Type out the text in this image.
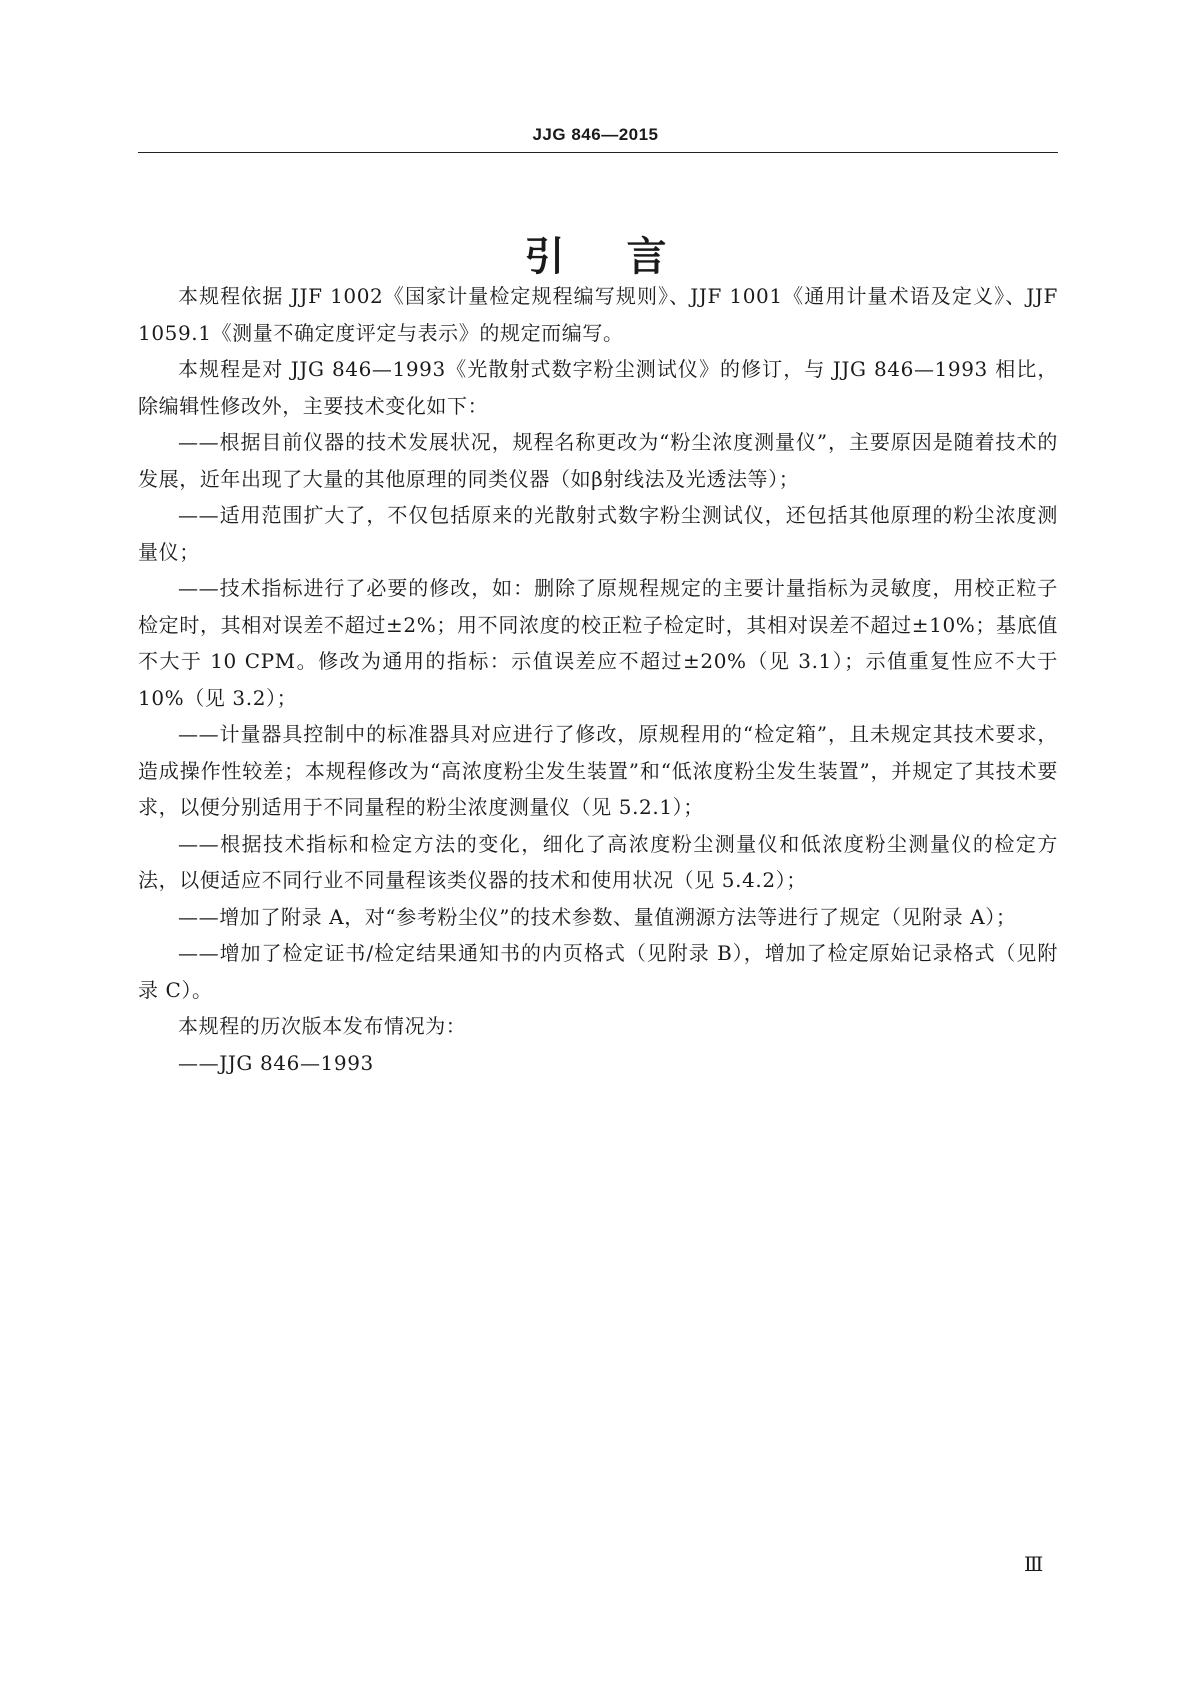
JJG 846—2015
引言

本规程依据 JJF 1002《国家计量检定规程编写规则》、JJF 1001《通用计量术语及定义》、JJF 1059.1《测量不确定度评定与表示》的规定而编写。

本规程是对 JJG 846—1993《光散射式数字粉尘测试仪》的修订，与 JJG 846—1993 相比，除编辑性修改外，主要技术变化如下：

——根据目前仪器的技术发展状况，规程名称更改为“粉尘浓度测量仪”，主要原因是随着技术的发展，近年出现了大量的其他原理的同类仪器（如β射线法及光透法等）；

——适用范围扩大了，不仅包括原来的光散射式数字粉尘测试仪，还包括其他原理的粉尘浓度测量仪；

——技术指标进行了必要的修改，如：删除了原规程规定的主要计量指标为灵敏度，用校正粒子检定时，其相对误差不超过±2%；用不同浓度的校正粒子检定时，其相对误差不超过±10%；基底值不大于 10 CPM。修改为通用的指标：示值误差应不超过±20%（见 3.1）；示值重复性应不大于 10%（见 3.2）；

——计量器具控制中的标准器具对应进行了修改，原规程用的“检定箱”，且未规定其技术要求，造成操作性较差；本规程修改为“高浓度粉尘发生装置”和“低浓度粉尘发生装置”，并规定了其技术要求，以便分别适用于不同量程的粉尘浓度测量仪（见 5.2.1）；

——根据技术指标和检定方法的变化，细化了高浓度粉尘测量仪和低浓度粉尘测量仪的检定方法，以便适应不同行业不同量程该类仪器的技术和使用状况（见 5.4.2）；

——增加了附录 A，对“参考粉尘仪”的技术参数、量值溯源方法等进行了规定（见附录 A）；

——增加了检定证书/检定结果通知书的内页格式（见附录 B），增加了检定原始记录格式（见附录 C）。

本规程的历次版本发布情况为：

——JJG 846—1993

Ⅲ
